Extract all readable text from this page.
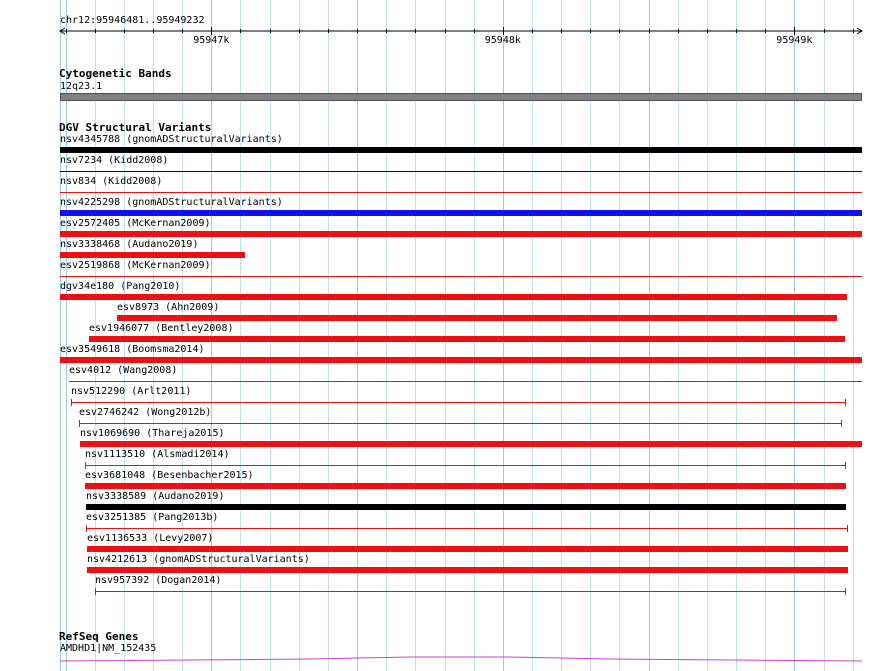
chr12:95946481..95949232
95947k	95948k	95949k
Cytogenetic Bands
12q23.1
DGV Structural Variants
nsv4345788 (gnomADStructuralVariants)
nsv7234 (Kidd2008)
nsv834 (Kidd2008)
nsv4225298 (gnomADStructuralVariants)
esv2572405 (McKernan2009)
nsv3338468 (Audano2019)
esv2519868 (McKernan2009)
dgv34e180 (Pang2010)
esv8973 (Ahn2009)
esv1946077 (Bentley2008)
esv3549618 (Boomsma2014)
esv4012 (Wang2008)
nsv512290 (Arlt2011)
esv2746242 (Wong2012b)
nsv1069690 (Thareja2015)
nsv1113510 (Alsmadi2014)
esv3681048 (Besenbacher2015)
nsv3338589 (Audano2019)
esv3251385 (Pang2013b)
esv1136533 (Levy2007)
nsv4212613 (gnomADStructuralVariants)
nsv957392 (Dogan2014)
RefSeq Genes
AMDHD1|NM_152435
